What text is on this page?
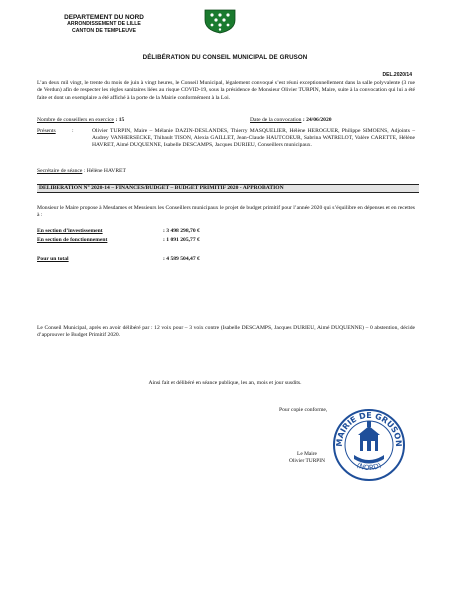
DEPARTEMENT DU NORD
ARRONDISSEMENT DE LILLE
CANTON DE TEMPLEUVE
DÉLIBÉRATION DU CONSEIL MUNICIPAL DE GRUSON
DEL.2020/14
L’an deux mil vingt, le trente du mois de juin à vingt heures, le Conseil Municipal, légalement convoqué s’est réuni exceptionnellement dans la salle polyvalente (3 rue de Verdun) afin de respecter les règles sanitaires liées au risque COVID-19, sous la présidence de Monsieur Olivier TURPIN, Maire, suite à la convocation qui lui a été faite et dont un exemplaire a été affiché à la porte de la Mairie conformément à la Loi.
Nombre de conseillers en exercice : 15	Date de la convocation : 24/06/2020
Présents	:	Olivier TURPIN, Maire – Mélanie DAZIN-DESLANDES, Thierry MASQUELIER, Hélène HEROGUER, Philippe SIMOENS, Adjoints – Audrey VANHERSECKE, Thibault TISON, Alexia GAILLET, Jean-Claude HAUTCOEUR, Sabrina WATRELOT, Valère CARETTE, Hélène HAVRET, Aimé DUQUENNE, Isabelle DESCAMPS, Jacques DURIEU, Conseillers municipaux.
Secrétaire de séance : Hélène HAVRET
DELIBERATION N° 2020-14 – FINANCES/BUDGET – BUDGET PRIMITIF 2020 - APPROBATION
Monsieur le Maire propose à Mesdames et Messieurs les Conseillers municipaux le projet de budget primitif pour l’année 2020 qui s’équilibre en dépenses et en recettes à :
En section d’investissement	: 3 498 298,70 €
En section de fonctionnement	: 1 091 205,77 €
Pour un total	: 4 589 504,47 €
Le Conseil Municipal, après en avoir délibéré par : 12 voix pour – 3 voix contre (Isabelle DESCAMPS, Jacques DURIEU, Aimé DUQUENNE) – 0 abstention, décide d’approuver le Budget Primitif 2020.
Ainsi fait et délibéré en séance publique, les an, mois et jour susdits.
Pour copie conforme,
Le Maire
Olivier TURPIN
MAIRIE DE GRUSON
(NORD)
